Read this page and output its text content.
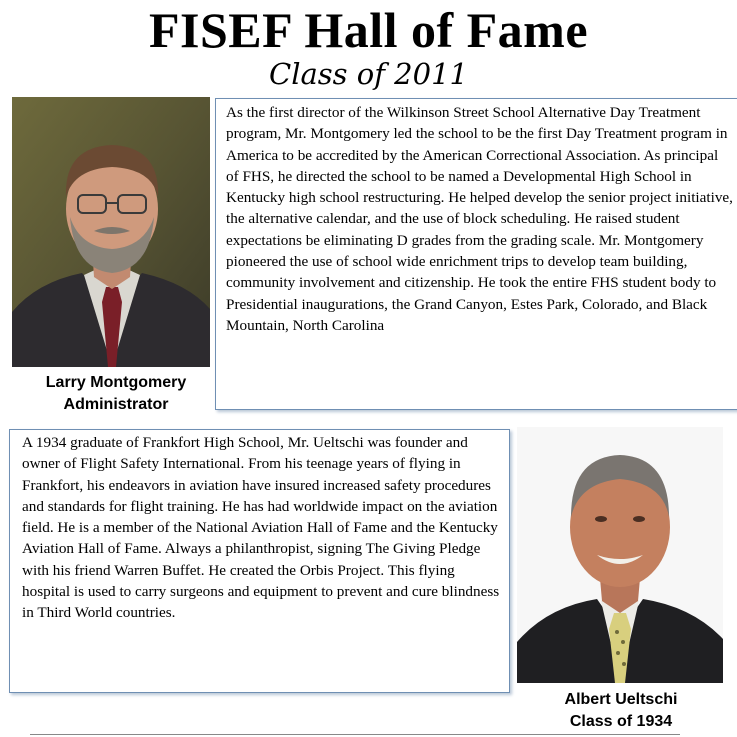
FISEF Hall of Fame
Class of 2011
Larry Montgomery
Administrator

As the first director of the Wilkinson Street School Alternative Day Treatment program, Mr. Montgomery led the school to be the first Day Treatment program in America to be accredited by the American Correctional Association. As principal of FHS, he directed the school to be named a Developmental High School in Kentucky high school restructuring. He helped develop the senior project initiative, the alternative calendar, and the use of block scheduling. He raised student expectations be eliminating D grades from the grading scale. Mr. Montgomery pioneered the use of school wide enrichment trips to develop team building, community involvement and citizenship. He took the entire FHS student body to Presidential inaugurations, the Grand Canyon, Estes Park, Colorado, and Black Mountain, North Carolina

A 1934 graduate of Frankfort High School, Mr. Ueltschi was founder and owner of Flight Safety International. From his teenage years of flying in Frankfort, his endeavors in aviation have insured increased safety procedures and standards for flight training. He has had worldwide impact on the aviation field. He is a member of the National Aviation Hall of Fame and the Kentucky Aviation Hall of Fame. Always a philanthropist, signing The Giving Pledge with his friend Warren Buffet. He created the Orbis Project. This flying hospital is used to carry surgeons and equipment to prevent and cure blindness in Third World countries.

Albert Ueltschi
Class of 1934
